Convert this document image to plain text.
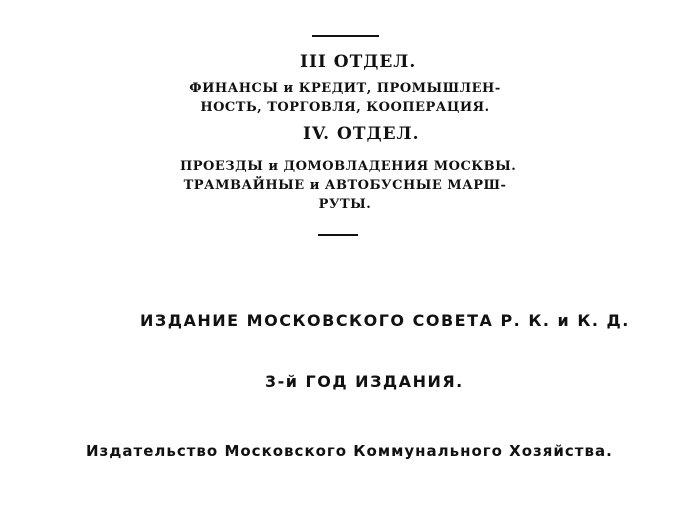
III ОТДЕЛ.
ФИНАНСЫ и КРЕДИТ, ПРОМЫШЛЕН-
НОСТЬ, ТОРГОВЛЯ, КООПЕРАЦИЯ.
IV. ОТДЕЛ.
ПРОЕЗДЫ и ДОМОВЛАДЕНИЯ МОСКВЫ.
ТРАМВАЙНЫЕ и АВТОБУСНЫЕ МАРШ-
РУТЫ.
ИЗДАНИЕ МОСКОВСКОГО СОВЕТА Р. К. и К. Д.
3-й ГОД ИЗДАНИЯ.
Издательство Московского Коммунального Хозяйства.
